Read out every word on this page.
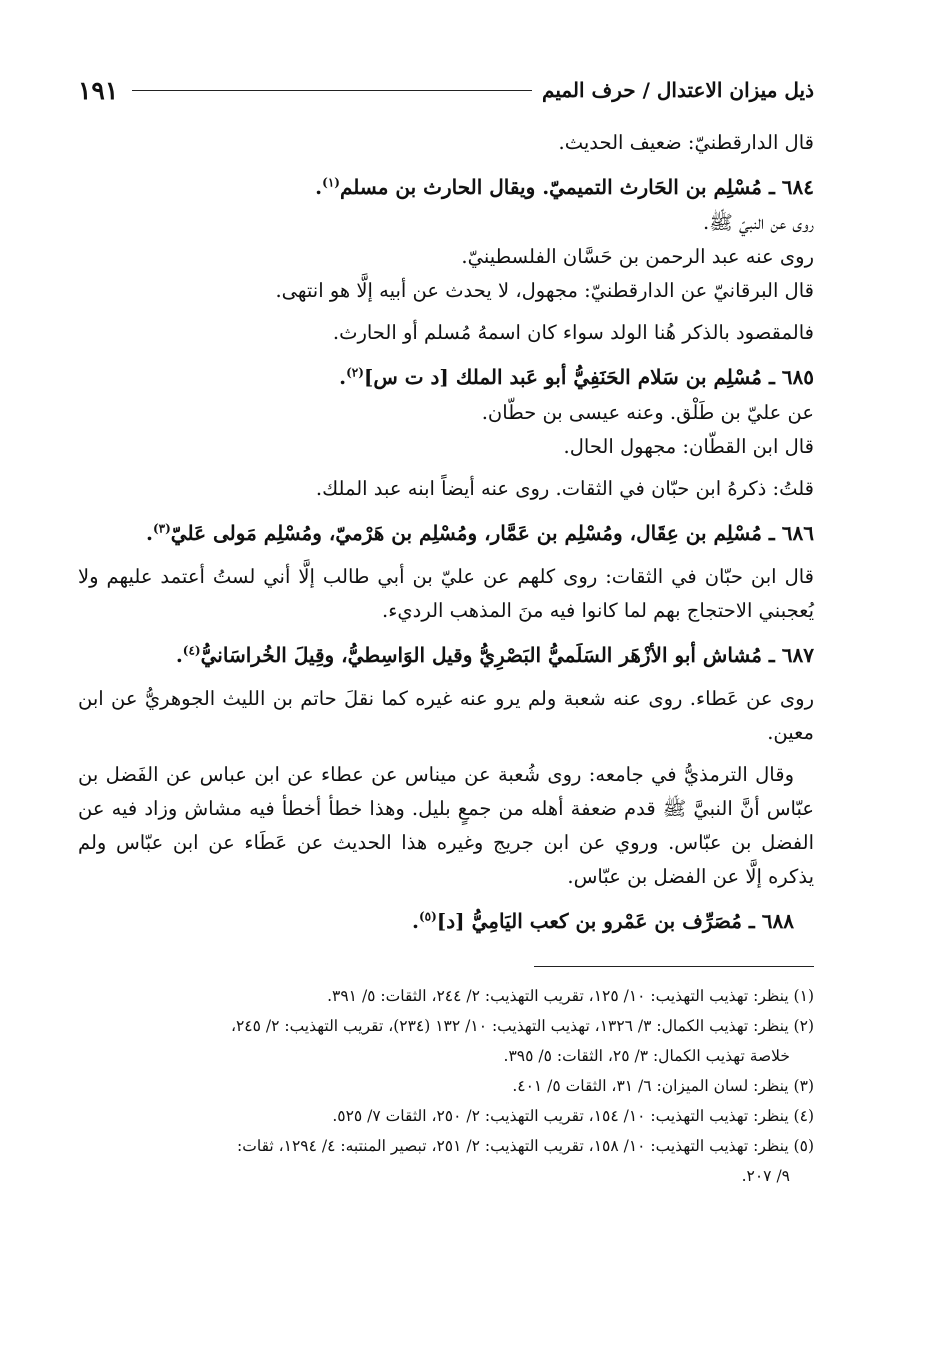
ذيل ميزان الاعتدال / حرف الميم
١٩١
قال الدارقطنيّ: ضعيف الحديث.
٦٨٤ ـ مُسْلِم بن الحَارث التميميّ. ويقال الحارث بن مسلم$^{(١)}$.
روى عن النبيّ ﷺ.
روى عنه عبد الرحمن بن حَسَّان الفلسطينيّ.
قال البرقانيّ عن الدارقطنيّ: مجهول، لا يحدث عن أبيه إلَّا هو انتهى.
فالمقصود بالذكر هُنا الولد سواء كان اسمهُ مُسلم أو الحارث.
٦٨٥ ـ مُسْلِم بن سَلام الحَنَفِيُّ أبو عَبد الملك [د ت س]$^{(٢)}$.
عن عليّ بن طَلْق. وعنه عيسى بن حطّان.
قال ابن القطّان: مجهول الحال.
قلتُ: ذكرهُ ابن حبّان في الثقات. روى عنه أيضاً ابنه عبد الملك.
٦٨٦ ـ مُسْلِم بن عِقَال، ومُسْلِم بن عَمَّار، ومُسْلِم بن هَرْميّ، ومُسْلِم مَولى عَليّ$^{(٣)}$.
قال ابن حبّان في الثقات: روى كلهم عن عليّ بن أبي طالب إلَّا أني لستُ أعتمد عليهم ولا يُعجبني الاحتجاج بهم لما كانوا فيه منَ المذهب الرديء.
٦٨٧ ـ مُشاش أبو الأزْهَر السَلَميُّ البَصْرِيُّ وقيل الوَاسِطيُّ، وقِيلَ الخُراسَانيُّ$^{(٤)}$.
روى عن عَطاء. روى عنه شعبة ولم يرو عنه غيره كما نقلَ حاتم بن الليث الجوهريُّ عن ابن معين.
وقال الترمذيُّ في جامعه: روى شُعبة عن ميناس عن عطاء عن ابن عباس عن الفَضل بن عبّاس أنَّ النبيَّ ﷺ قدم ضعفة أهله من جمعٍ بليل. وهذا خطأ أخطأ فيه مشاش وزاد فيه عن الفضل بن عبّاس. وروي عن ابن جريج وغيره هذا الحديث عن عَطَاء عن ابن عبّاس ولم يذكره إلَّا عن الفضل بن عبّاس.
٦٨٨ ـ مُصَرِّف بن عَمْرو بن كعب اليَامِيُّ [د]$^{(٥)}$.
(١) ينظر: تهذيب التهذيب: ١٠/ ١٢٥، تقريب التهذيب: ٢/ ٢٤٤، الثقات: ٥/ ٣٩١.
(٢) ينظر: تهذيب الكمال: ٣/ ١٣٢٦، تهذيب التهذيب: ١٠/ ١٣٢ (٢٣٤)، تقريب التهذيب: ٢/ ٢٤٥،
خلاصة تهذيب الكمال: ٣/ ٢٥، الثقات: ٥/ ٣٩٥.
(٣) ينظر: لسان الميزان: ٦/ ٣١، الثقات ٥/ ٤٠١.
(٤) ينظر: تهذيب التهذيب: ١٠/ ١٥٤، تقريب التهذيب: ٢/ ٢٥٠، الثقات ٧/ ٥٢٥.
(٥) ينظر: تهذيب التهذيب: ١٠/ ١٥٨، تقريب التهذيب: ٢/ ٢٥١، تبصير المنتبه: ٤/ ١٢٩٤، ثقات:
٩/ ٢٠٧.
